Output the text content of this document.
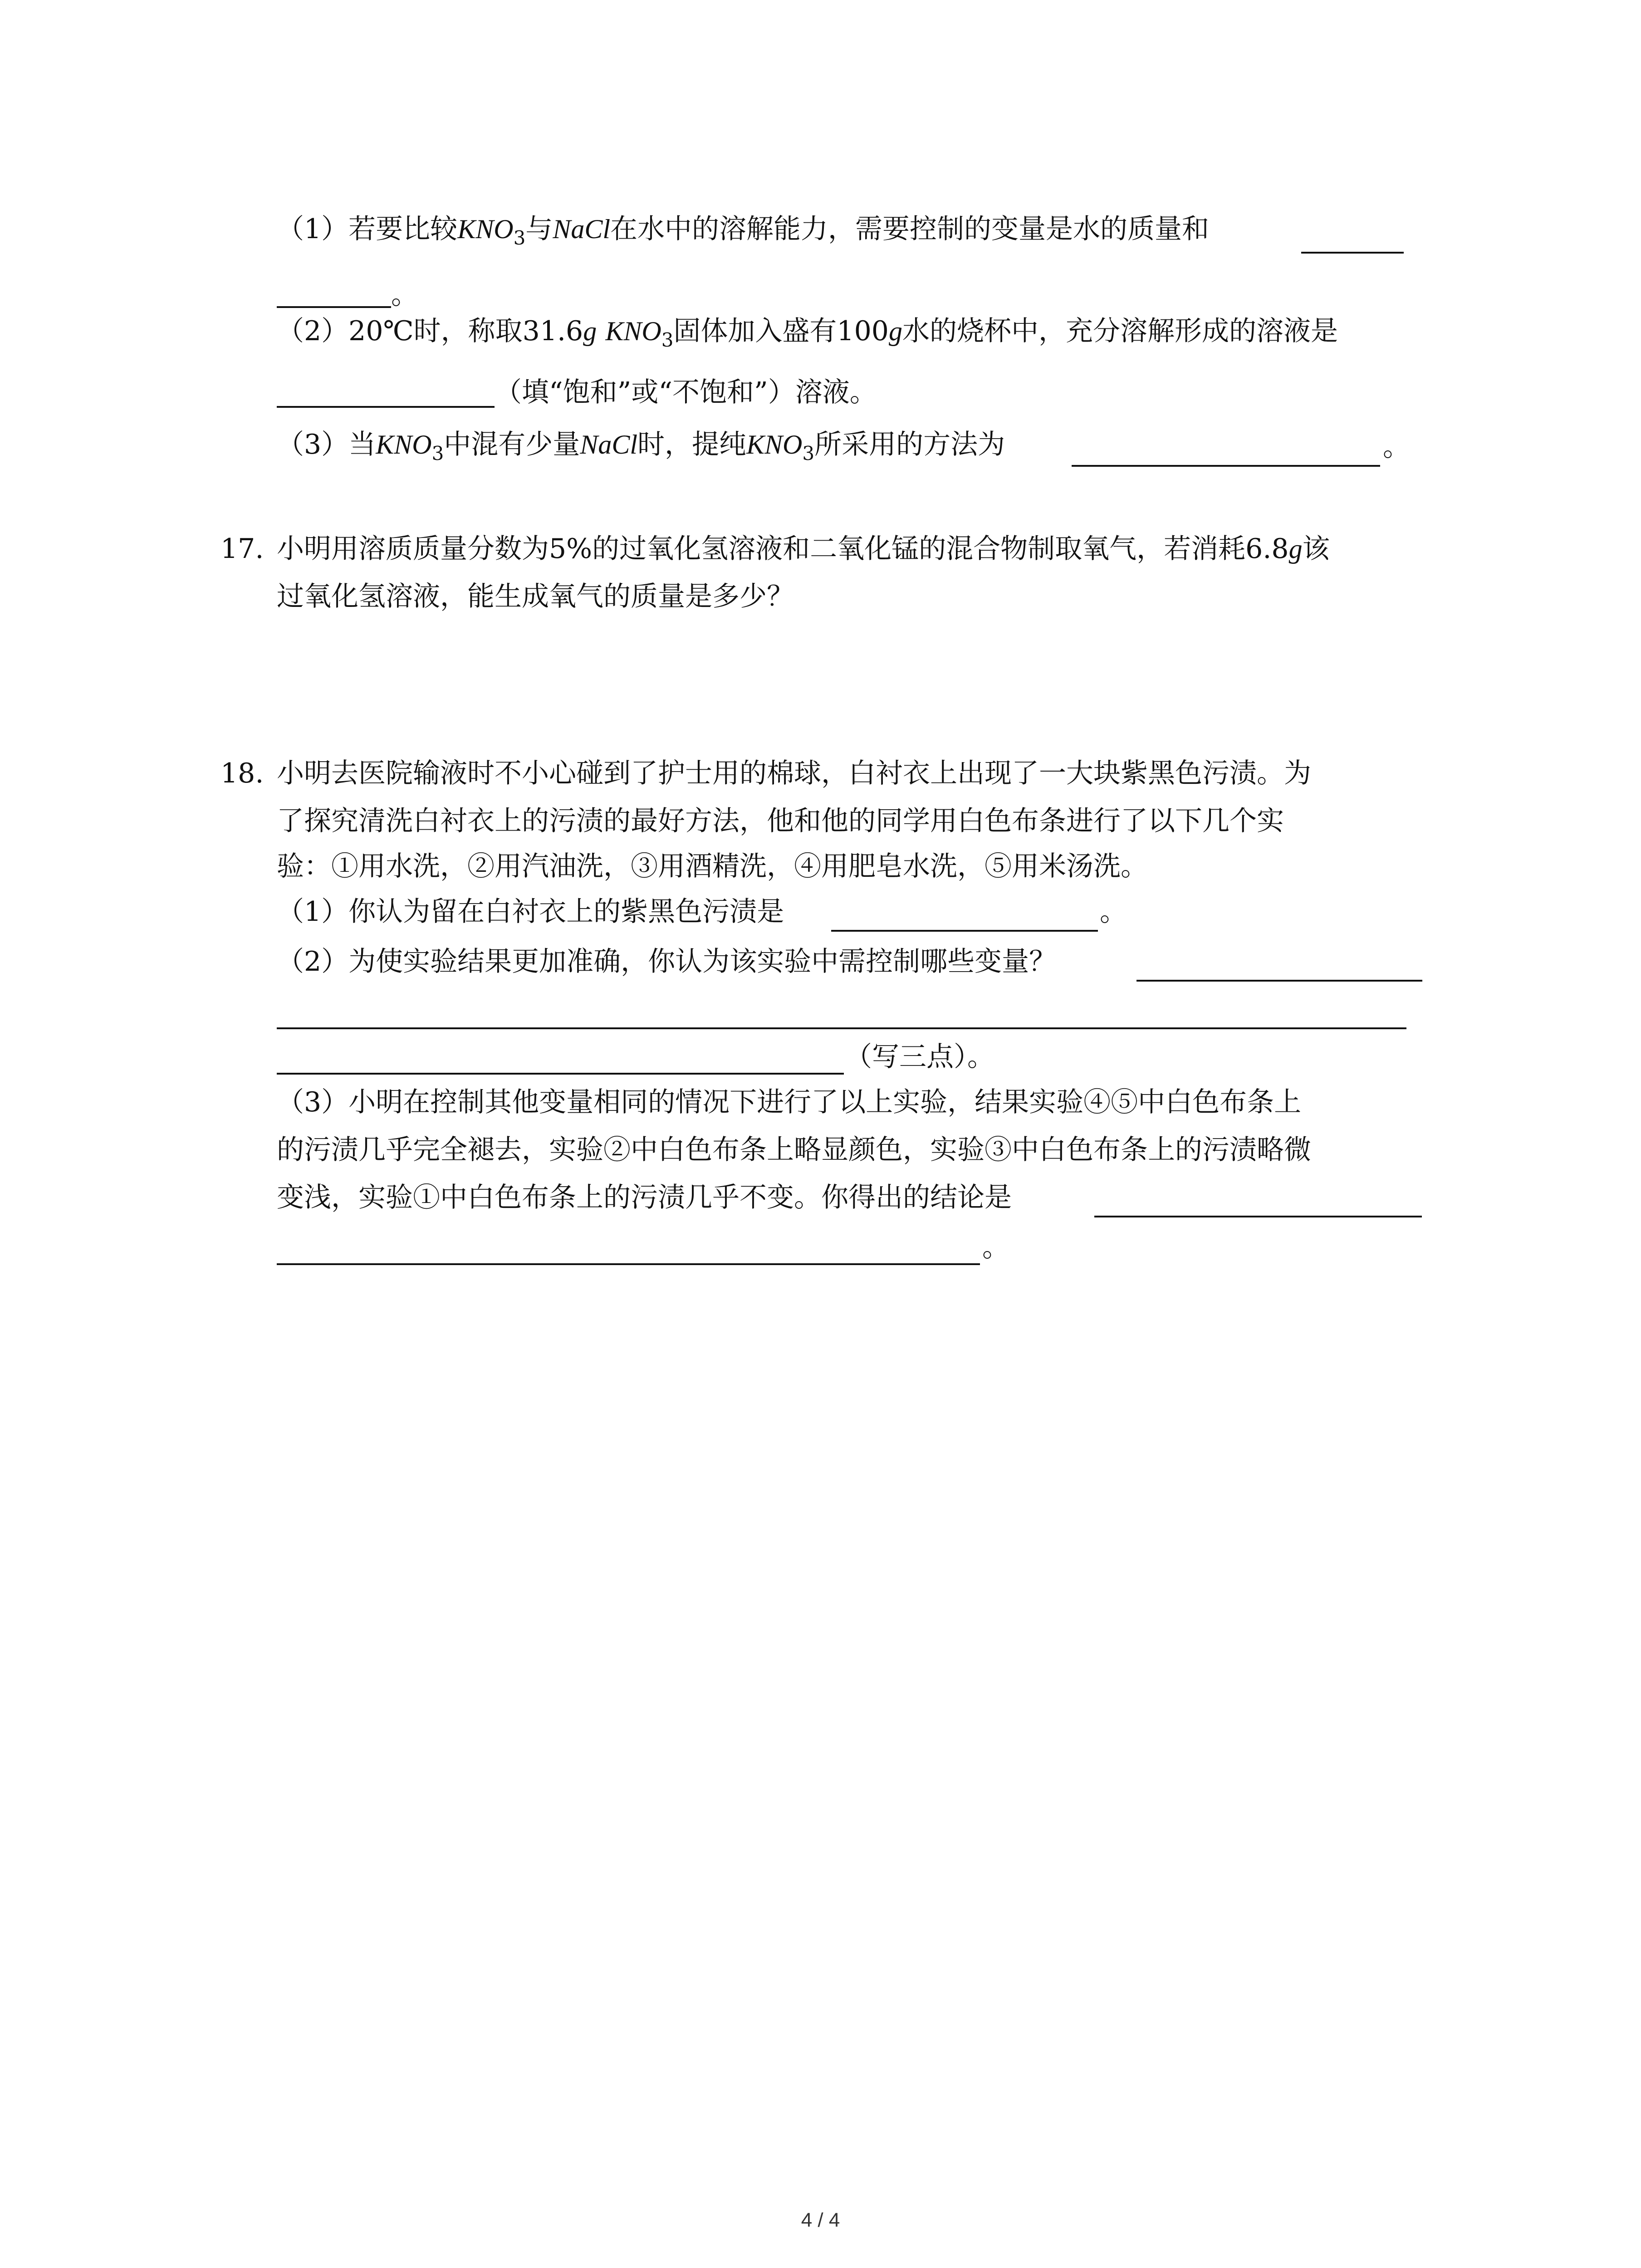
（1）若要比较$KNO_3$与NaCl在水中的溶解能力，需要控制的变量是水的质量和
。
（2）20℃时，称取31.6g $KNO_3$固体加入盛有100g水的烧杯中，充分溶解形成的溶液是
（填“饱和”或“不饱和”）溶液。
（3）当$KNO_3$中混有少量NaCl时，提纯$KNO_3$所采用的方法为	。
17. 小明用溶质质量分数为5%的过氧化氢溶液和二氧化锰的混合物制取氧气，若消耗6.8g该
过氧化氢溶液，能生成氧气的质量是多少？
18. 小明去医院输液时不小心碰到了护士用的棉球，白衬衣上出现了一大块紫黑色污渍。为
了探究清洗白衬衣上的污渍的最好方法，他和他的同学用白色布条进行了以下几个实
验：①用水洗，②用汽油洗，③用酒精洗，④用肥皂水洗，⑤用米汤洗。
（1）你认为留在白衬衣上的紫黑色污渍是	。
（2）为使实验结果更加准确，你认为该实验中需控制哪些变量？
（写三点）。
（3）小明在控制其他变量相同的情况下进行了以上实验，结果实验④⑤中白色布条上
的污渍几乎完全褪去，实验②中白色布条上略显颜色，实验③中白色布条上的污渍略微
变浅，实验①中白色布条上的污渍几乎不变。你得出的结论是
。
4 / 4
